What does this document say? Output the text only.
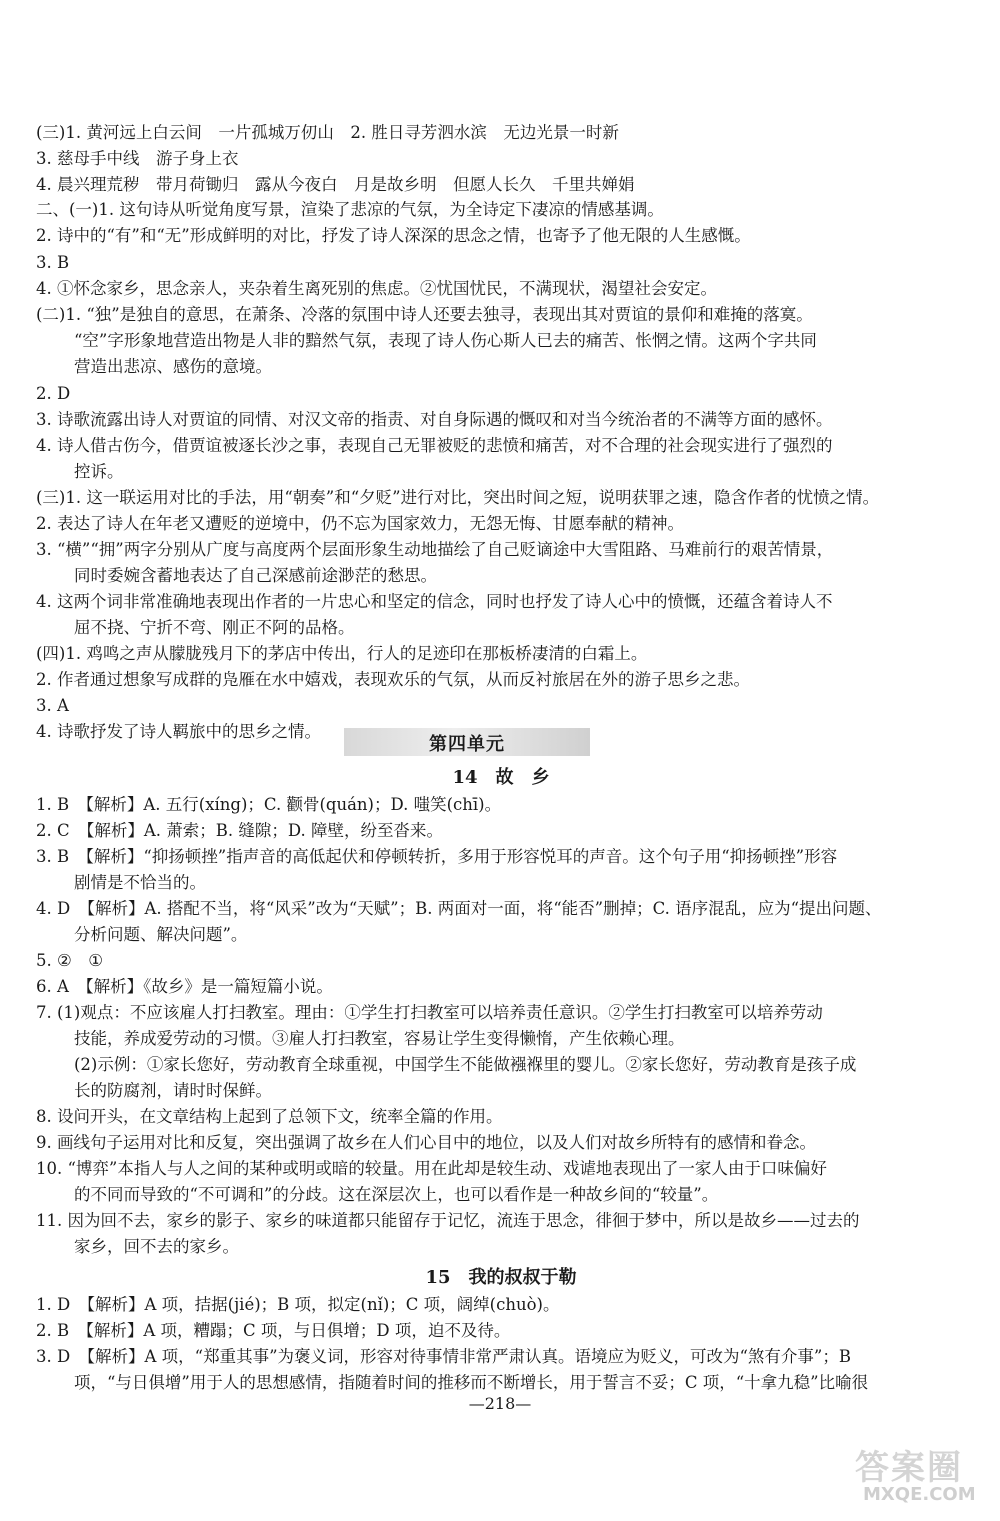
(三)1. 黄河远上白云间　一片孤城万仞山　2. 胜日寻芳泗水滨　无边光景一时新
3. 慈母手中线　游子身上衣
4. 晨兴理荒秽　带月荷锄归　露从今夜白　月是故乡明　但愿人长久　千里共婵娟
二、(一)1. 这句诗从听觉角度写景，渲染了悲凉的气氛，为全诗定下凄凉的情感基调。
2. 诗中的“有”和“无”形成鲜明的对比，抒发了诗人深深的思念之情，也寄予了他无限的人生感慨。
3. B
4. ①怀念家乡，思念亲人，夹杂着生离死别的焦虑。②忧国忧民，不满现状，渴望社会安定。
(二)1. “独”是独自的意思，在萧条、冷落的氛围中诗人还要去独寻，表现出其对贾谊的景仰和难掩的落寞。
“空”字形象地营造出物是人非的黯然气氛，表现了诗人伤心斯人已去的痛苦、怅惘之情。这两个字共同
营造出悲凉、感伤的意境。
2. D
3. 诗歌流露出诗人对贾谊的同情、对汉文帝的指责、对自身际遇的慨叹和对当今统治者的不满等方面的感怀。
4. 诗人借古伤今，借贾谊被逐长沙之事，表现自己无罪被贬的悲愤和痛苦，对不合理的社会现实进行了强烈的
控诉。
(三)1. 这一联运用对比的手法，用“朝奏”和“夕贬”进行对比，突出时间之短，说明获罪之速，隐含作者的忧愤之情。
2. 表达了诗人在年老又遭贬的逆境中，仍不忘为国家效力，无怨无悔、甘愿奉献的精神。
3. “横”“拥”两字分别从广度与高度两个层面形象生动地描绘了自己贬谪途中大雪阻路、马难前行的艰苦情景，
同时委婉含蓄地表达了自己深感前途渺茫的愁思。
4. 这两个词非常准确地表现出作者的一片忠心和坚定的信念，同时也抒发了诗人心中的愤慨，还蕴含着诗人不
屈不挠、宁折不弯、刚正不阿的品格。
(四)1. 鸡鸣之声从朦胧残月下的茅店中传出，行人的足迹印在那板桥凄清的白霜上。
2. 作者通过想象写成群的凫雁在水中嬉戏，表现欢乐的气氛，从而反衬旅居在外的游子思乡之悲。
3. A
4. 诗歌抒发了诗人羁旅中的思乡之情。
第四单元
14　故　乡
1. B　【解析】A. 五行(xíng)；C. 颧骨(quán)；D. 嗤笑(chī)。
2. C　【解析】A. 萧索；B. 缝隙；D. 障壁，纷至沓来。
3. B　【解析】“抑扬顿挫”指声音的高低起伏和停顿转折，多用于形容悦耳的声音。这个句子用“抑扬顿挫”形容
剧情是不恰当的。
4. D　【解析】A. 搭配不当，将“风采”改为“天赋”；B. 两面对一面，将“能否”删掉；C. 语序混乱，应为“提出问题、
分析问题、解决问题”。
5. ②　①
6. A　【解析】《故乡》是一篇短篇小说。
7. (1)观点：不应该雇人打扫教室。理由：①学生打扫教室可以培养责任意识。②学生打扫教室可以培养劳动
技能，养成爱劳动的习惯。③雇人打扫教室，容易让学生变得懒惰，产生依赖心理。
(2)示例：①家长您好，劳动教育全球重视，中国学生不能做襁褓里的婴儿。②家长您好，劳动教育是孩子成
长的防腐剂，请时时保鲜。
8. 设问开头，在文章结构上起到了总领下文，统率全篇的作用。
9. 画线句子运用对比和反复，突出强调了故乡在人们心目中的地位，以及人们对故乡所特有的感情和眷念。
10. “博弈”本指人与人之间的某种或明或暗的较量。用在此却是较生动、戏谑地表现出了一家人由于口味偏好
的不同而导致的“不可调和”的分歧。这在深层次上，也可以看作是一种故乡间的“较量”。
11. 因为回不去，家乡的影子、家乡的味道都只能留存于记忆，流连于思念，徘徊于梦中，所以是故乡——过去的
家乡，回不去的家乡。
15　我的叔叔于勒
1. D　【解析】A 项，拮据(jié)；B 项，拟定(nǐ)；C 项，阔绰(chuò)。
2. B　【解析】A 项，糟蹋；C 项，与日俱增；D 项，迫不及待。
3. D　【解析】A 项，“郑重其事”为褒义词，形容对待事情非常严肃认真。语境应为贬义，可改为“煞有介事”；B
项，“与日俱增”用于人的思想感情，指随着时间的推移而不断增长，用于誓言不妥；C 项，“十拿九稳”比喻很
—218—
答案圈
MXQE.COM
